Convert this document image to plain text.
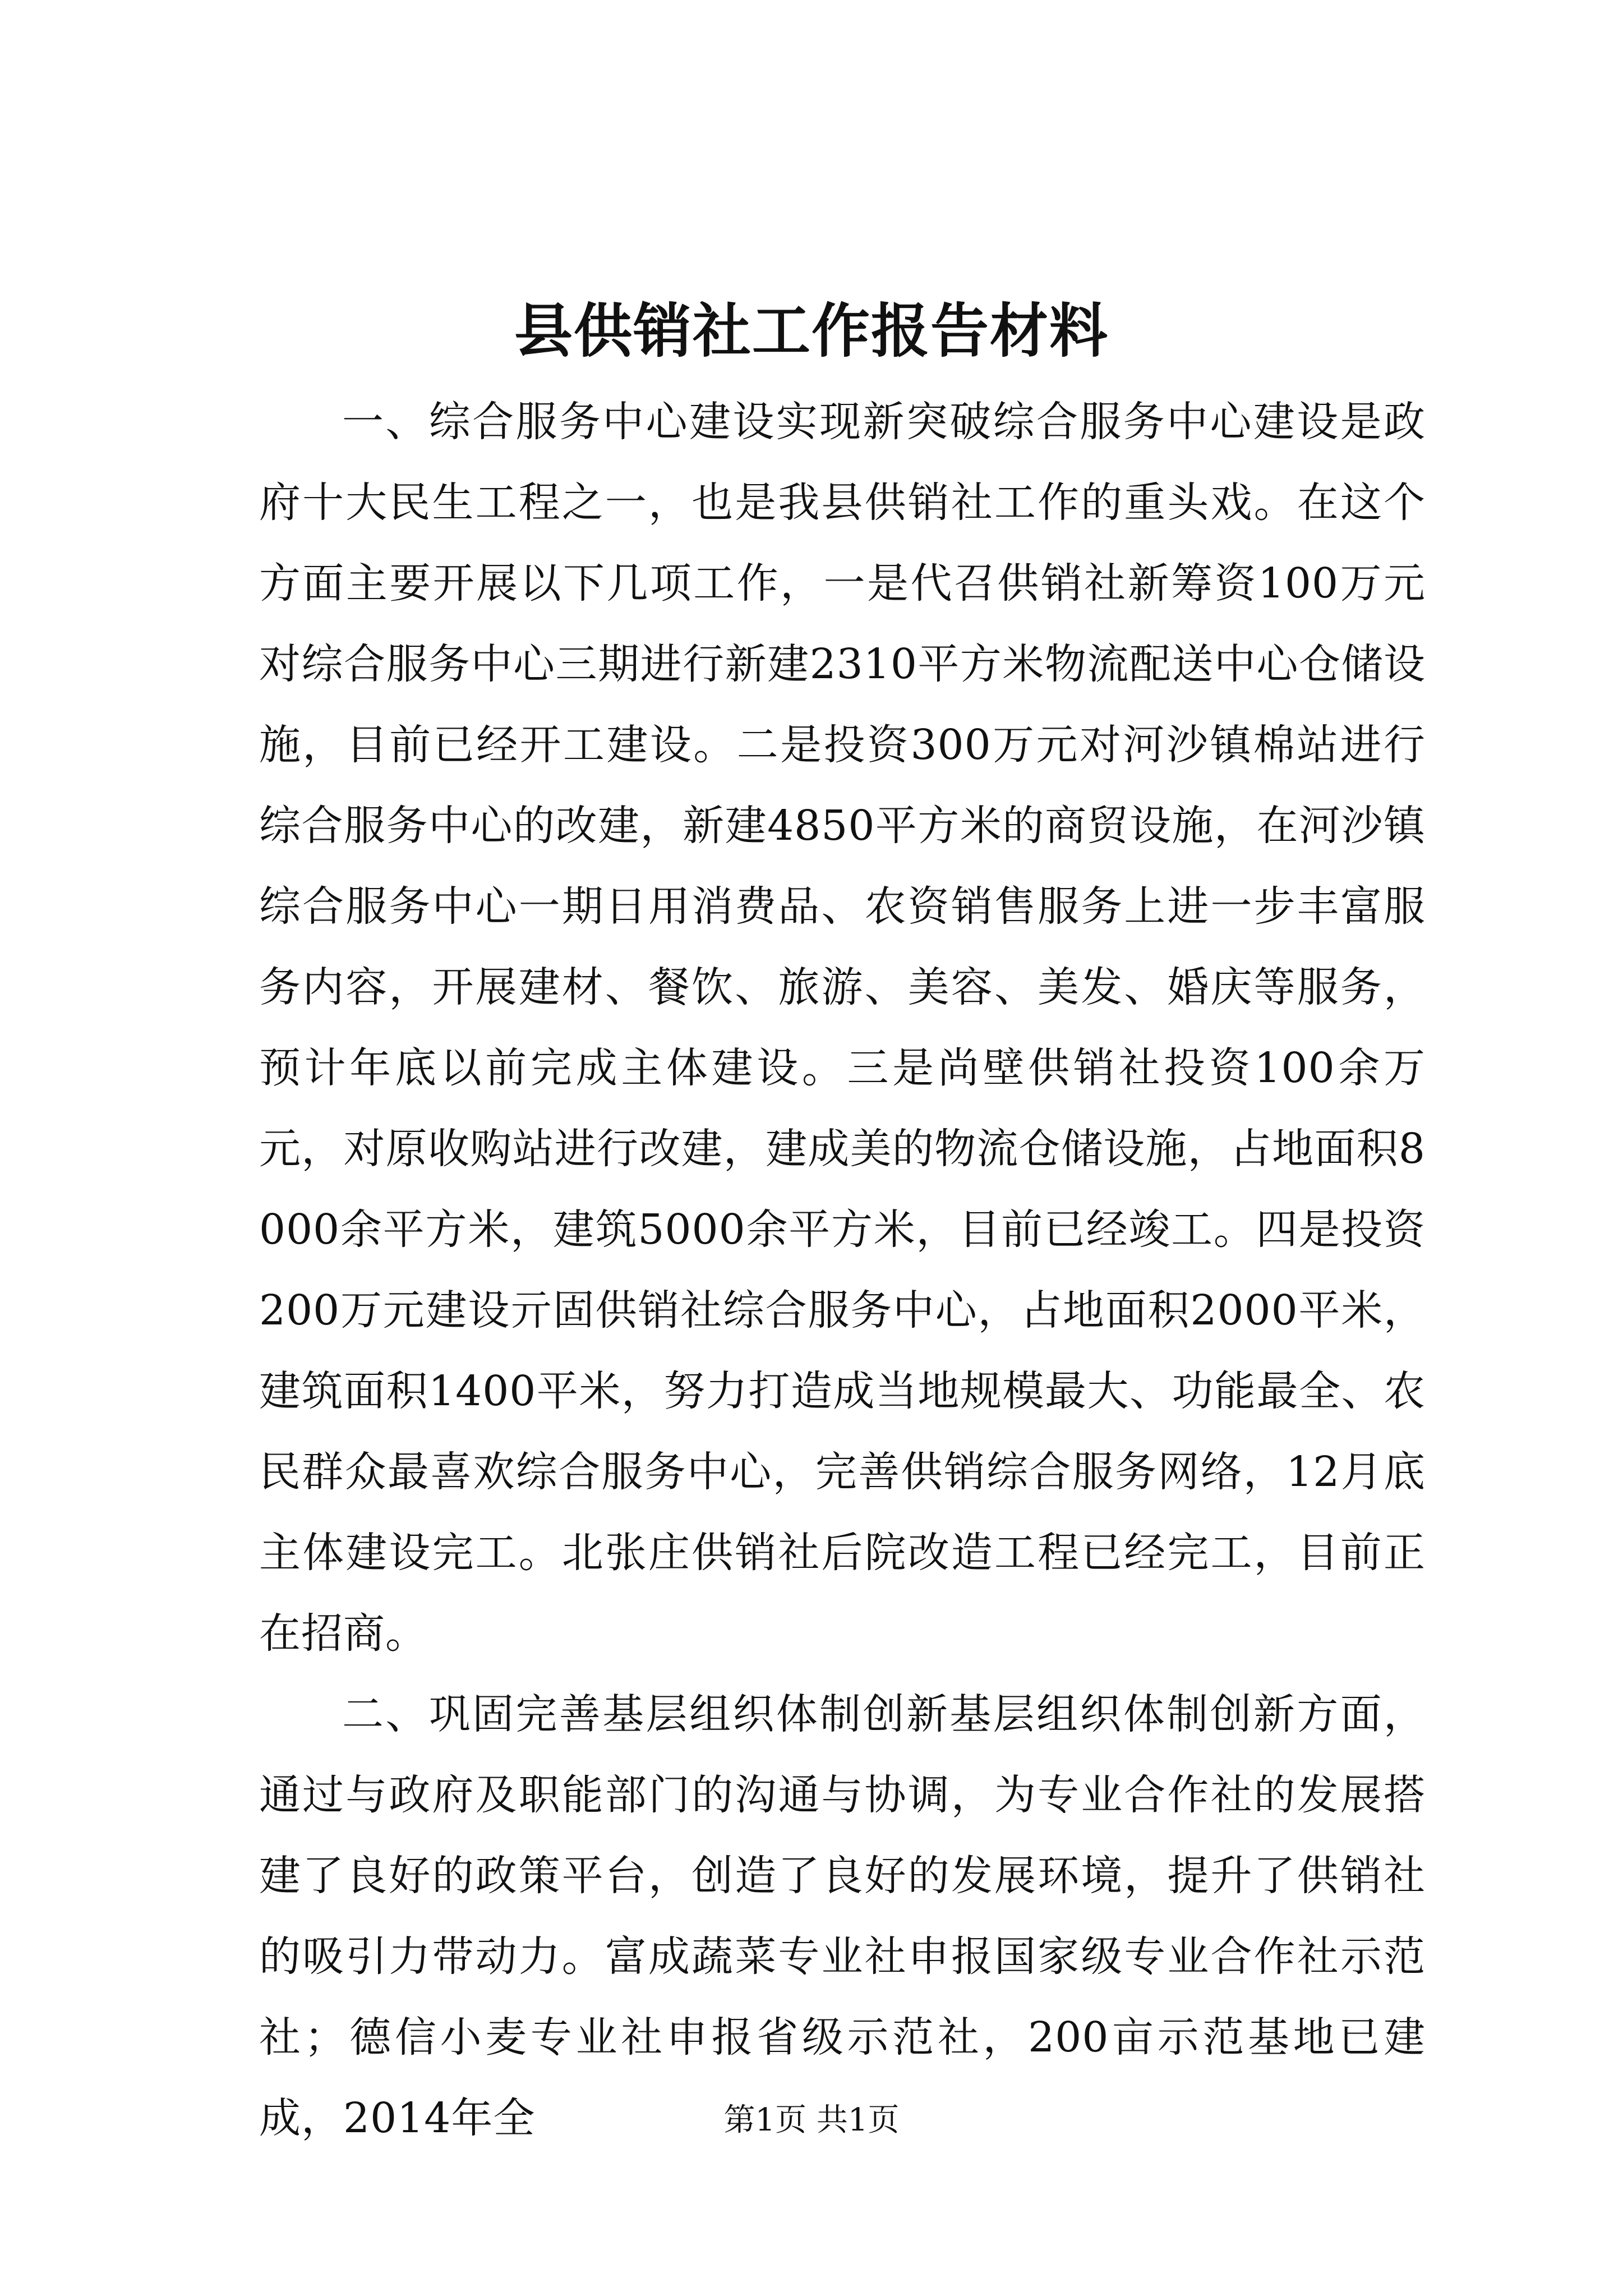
县供销社工作报告材料

一、综合服务中心建设实现新突破综合服务中心建设是政府十大民生工程之一，也是我县供销社工作的重头戏。在这个方面主要开展以下几项工作，一是代召供销社新筹资100万元对综合服务中心三期进行新建2310平方米物流配送中心仓储设施，目前已经开工建设。二是投资300万元对河沙镇棉站进行综合服务中心的改建，新建4850平方米的商贸设施，在河沙镇综合服务中心一期日用消费品、农资销售服务上进一步丰富服务内容，开展建材、餐饮、旅游、美容、美发、婚庆等服务，预计年底以前完成主体建设。三是尚壁供销社投资100余万元，对原收购站进行改建，建成美的物流仓储设施，占地面积8000余平方米，建筑5000余平方米，目前已经竣工。四是投资200万元建设亓固供销社综合服务中心，占地面积2000平米，建筑面积1400平米，努力打造成当地规模最大、功能最全、农民群众最喜欢综合服务中心，完善供销综合服务网络，12月底主体建设完工。北张庄供销社后院改造工程已经完工，目前正在招商。

二、巩固完善基层组织体制创新基层组织体制创新方面，通过与政府及职能部门的沟通与协调，为专业合作社的发展搭建了良好的政策平台，创造了良好的发展环境，提升了供销社的吸引力带动力。富成蔬菜专业社申报国家级专业合作社示范社；德信小麦专业社申报省级示范社，200亩示范基地已建成，2014年全	第1页 共1页
